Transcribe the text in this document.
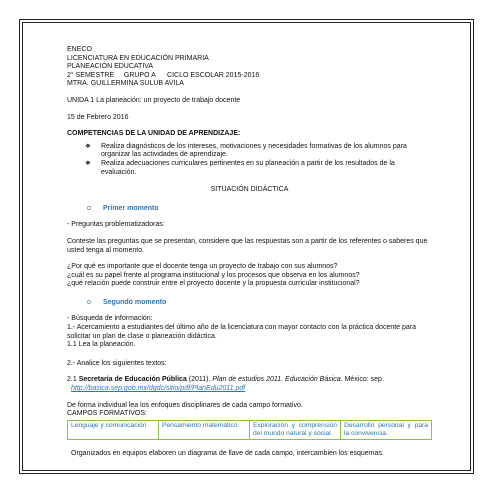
ENECO

LICENCIATURA EN EDUCACIÓN PRIMARIA

PLANEACIÓN EDUCATIVA

2° SEMESTRE     GRUPO A      CICLO ESCOLAR 2015-2016

MTRA. GUILLERMINA SULUB AVILA

UNIDA 1 La planeación: un proyecto de trabajo docente

15 de Febrero 2016

COMPETENCIAS DE LA UNIDAD DE APRENDIZAJE:

❖	Realiza diagnósticos de los intereses, motivaciones y necesidades formativas de los alumnos para organizar las actividades de aprendizaje.
❖	Realiza adecuaciones curriculares pertinentes en su planeación a partir de los resultados de la evaluación.

SITUACIÓN DIDÁCTICA

o	Primer momento

- Preguntas problematizadoras:

Conteste las preguntas que se presentan, considere que las respuestas son a partir de los referentes o saberes que usted tenga al momento.

¿Por qué es importante que el docente tenga un proyecto de trabajo con sus alumnos?

¿cuál es su papel frente al programa institucional y los procesos que observa en los alumnos?

¿qué relación puede construir entre el proyecto docente y la propuesta curricular institucional?

o	Segundo momento

- Búsqueda de información:

1.- Acercamiento a estudiantes del último año de la licenciatura con mayor contacto con la práctica docente para solicitar un plan de clase o planeación didáctica.

1.1 Lea la planeación.

2.- Analice los siguientes textos:

2.1 Secretaría de Educación Pública (2011). Plan de estudios 2011. Educación Básica. México: sep.

http://basica.sep.gob.mx/dgdc/sitio/pdf/PlanEdu2011.pdf

De forma individual lea los enfoques disciplinares de cada campo formativo.

CAMPOS FORMATIVOS:

Lenguaje y comunicación	Pensamiento matemático	Exploración y comprensión del mundo natural y social	Desarrollo personal y para la convivencia.

Organizados en equipos elaboren un diagrama de llave de cada campo, intercambien los esquemas.
